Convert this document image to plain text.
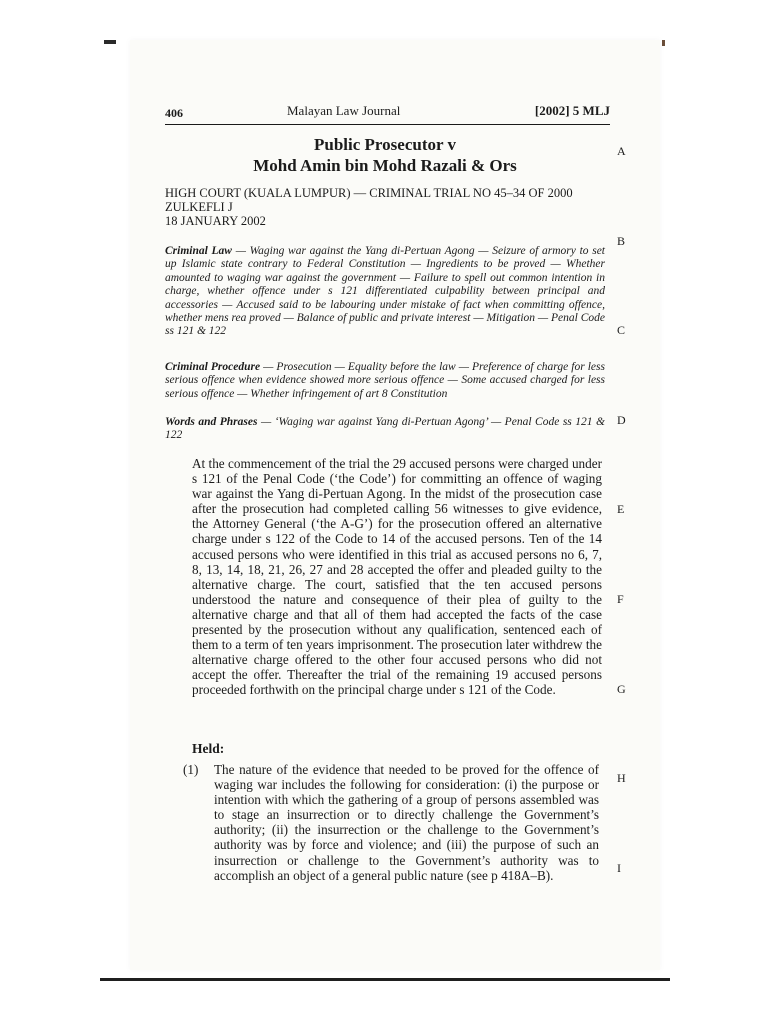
406	Malayan Law Journal	[2002] 5 MLJ
Public Prosecutor v
Mohd Amin bin Mohd Razali & Ors
HIGH COURT (KUALA LUMPUR) — CRIMINAL TRIAL NO 45–34 OF 2000
ZULKEFLI J
18 JANUARY 2002
Criminal Law — Waging war against the Yang di-Pertuan Agong — Seizure of armory to set up Islamic state contrary to Federal Constitution — Ingredients to be proved — Whether amounted to waging war against the government — Failure to spell out common intention in charge, whether offence under s 121 differentiated culpability between principal and accessories — Accused said to be labouring under mistake of fact when committing offence, whether mens rea proved — Balance of public and private interest — Mitigation — Penal Code ss 121 & 122
Criminal Procedure — Prosecution — Equality before the law — Preference of charge for less serious offence when evidence showed more serious offence — Some accused charged for less serious offence — Whether infringement of art 8 Constitution
Words and Phrases — ‘Waging war against Yang di-Pertuan Agong’ — Penal Code ss 121 & 122
At the commencement of the trial the 29 accused persons were charged under s 121 of the Penal Code (‘the Code’) for committing an offence of waging war against the Yang di-Pertuan Agong. In the midst of the prosecution case after the prosecution had completed calling 56 witnesses to give evidence, the Attorney General (‘the A-G’) for the prosecution offered an alternative charge under s 122 of the Code to 14 of the accused persons. Ten of the 14 accused persons who were identified in this trial as accused persons no 6, 7, 8, 13, 14, 18, 21, 26, 27 and 28 accepted the offer and pleaded guilty to the alternative charge. The court, satisfied that the ten accused persons understood the nature and consequence of their plea of guilty to the alternative charge and that all of them had accepted the facts of the case presented by the prosecution without any qualification, sentenced each of them to a term of ten years imprisonment. The prosecution later withdrew the alternative charge offered to the other four accused persons who did not accept the offer. Thereafter the trial of the remaining 19 accused persons proceeded forthwith on the principal charge under s 121 of the Code.
Held:
(1) The nature of the evidence that needed to be proved for the offence of waging war includes the following for consideration: (i) the purpose or intention with which the gathering of a group of persons assembled was to stage an insurrection or to directly challenge the Government’s authority; (ii) the insurrection or the challenge to the Government’s authority was by force and violence; and (iii) the purpose of such an insurrection or challenge to the Government’s authority was to accomplish an object of a general public nature (see p 418A–B).
A
B
C
D
E
F
G
H
I
